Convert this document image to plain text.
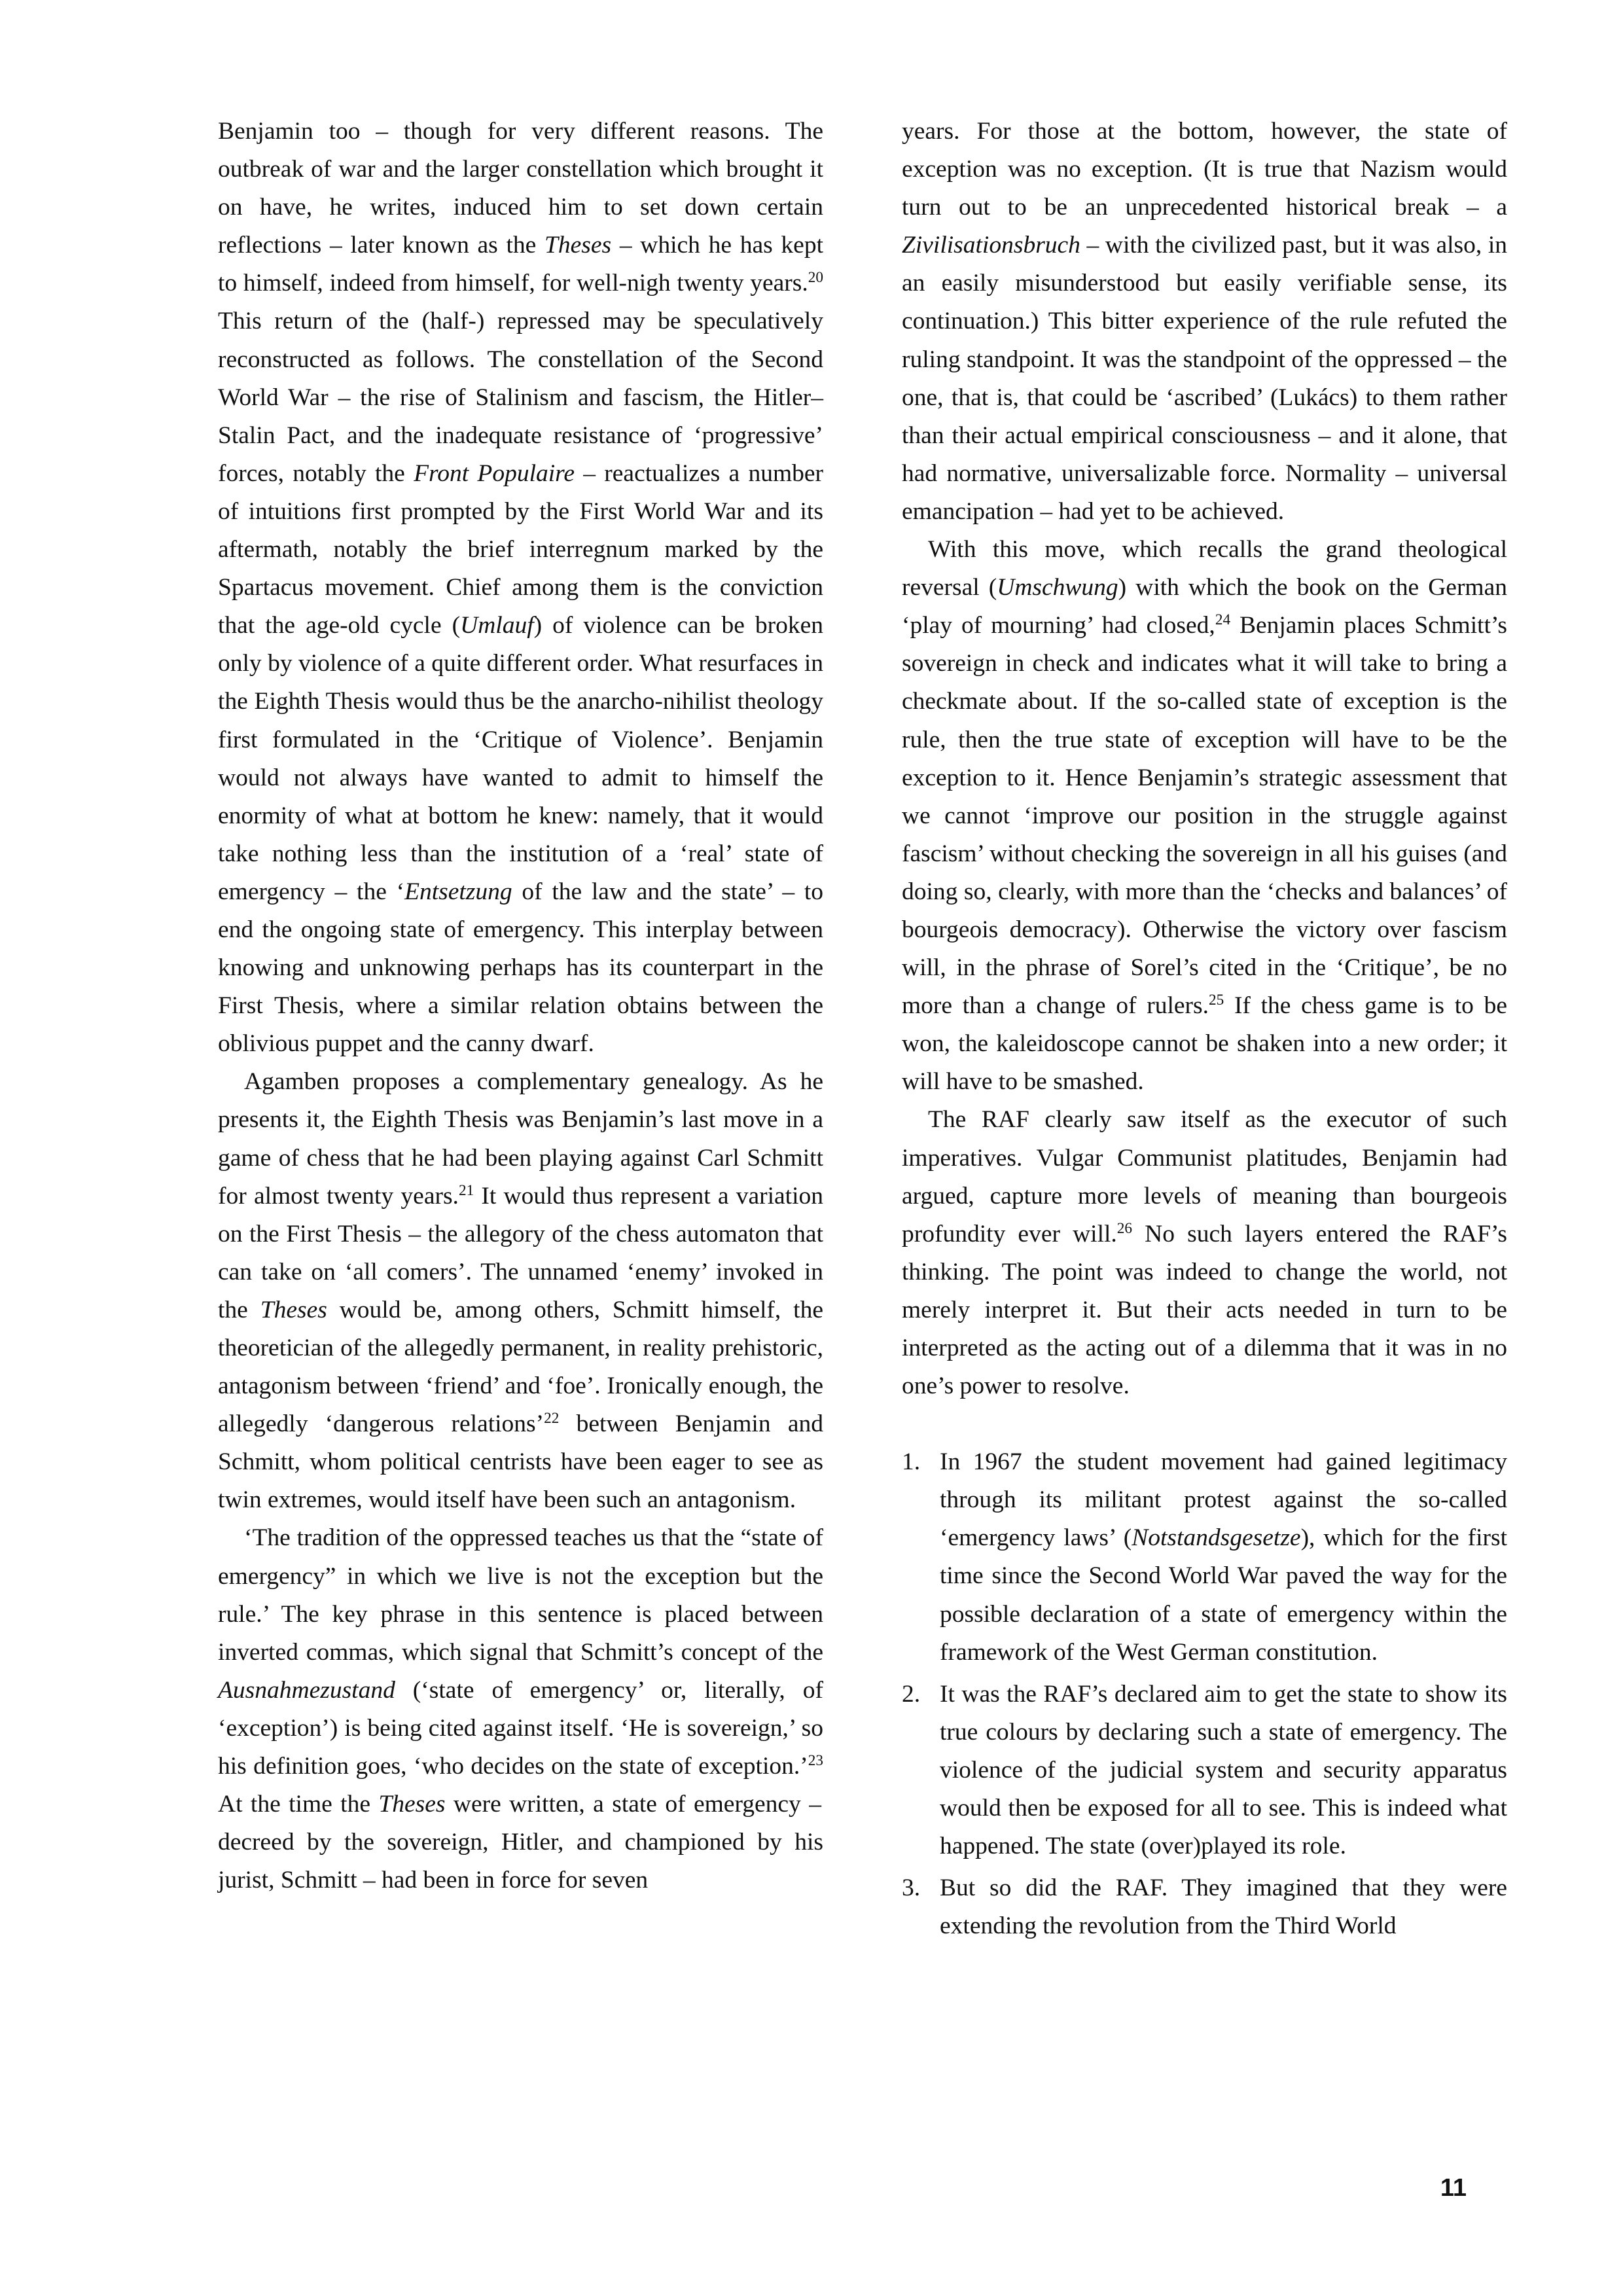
Benjamin too – though for very different reasons. The outbreak of war and the larger constellation which brought it on have, he writes, induced him to set down certain reflections – later known as the Theses – which he has kept to himself, indeed from himself, for well-nigh twenty years.$^{20}$ This return of the (half-) repressed may be speculatively reconstructed as follows. The constellation of the Second World War – the rise of Stalinism and fascism, the Hitler–Stalin Pact, and the inadequate resistance of ‘progressive’ forces, notably the Front Populaire – reactualizes a number of intuitions first prompted by the First World War and its aftermath, notably the brief interregnum marked by the Spartacus movement. Chief among them is the conviction that the age-old cycle (Umlauf) of violence can be broken only by violence of a quite different order. What resurfaces in the Eighth Thesis would thus be the anarcho-nihilist theology first formulated in the ‘Critique of Violence’. Benjamin would not always have wanted to admit to himself the enormity of what at bottom he knew: namely, that it would take nothing less than the institution of a ‘real’ state of emergency – the ‘Entsetzung of the law and the state’ – to end the ongoing state of emergency. This interplay between knowing and unknowing perhaps has its counterpart in the First Thesis, where a similar relation obtains between the oblivious puppet and the canny dwarf.

Agamben proposes a complementary genealogy. As he presents it, the Eighth Thesis was Benjamin’s last move in a game of chess that he had been playing against Carl Schmitt for almost twenty years.$^{21}$ It would thus represent a variation on the First Thesis – the allegory of the chess automaton that can take on ‘all comers’. The unnamed ‘enemy’ invoked in the Theses would be, among others, Schmitt himself, the theoretician of the allegedly permanent, in reality prehistoric, antagonism between ‘friend’ and ‘foe’. Ironically enough, the allegedly ‘dangerous relations’$^{22}$ between Benjamin and Schmitt, whom political centrists have been eager to see as twin extremes, would itself have been such an antagonism.

‘The tradition of the oppressed teaches us that the “state of emergency” in which we live is not the exception but the rule.’ The key phrase in this sentence is placed between inverted commas, which signal that Schmitt’s concept of the Ausnahmezustand (‘state of emergency’ or, literally, of ‘exception’) is being cited against itself. ‘He is sovereign,’ so his definition goes, ‘who decides on the state of exception.’$^{23}$ At the time the Theses were written, a state of emergency – decreed by the sovereign, Hitler, and championed by his jurist, Schmitt – had been in force for seven

years. For those at the bottom, however, the state of exception was no exception. (It is true that Nazism would turn out to be an unprecedented historical break – a Zivilisationsbruch – with the civilized past, but it was also, in an easily misunderstood but easily verifiable sense, its continuation.) This bitter experience of the rule refuted the ruling standpoint. It was the standpoint of the oppressed – the one, that is, that could be ‘ascribed’ (Lukács) to them rather than their actual empirical consciousness – and it alone, that had normative, universalizable force. Normality – universal emancipation – had yet to be achieved.

With this move, which recalls the grand theological reversal (Umschwung) with which the book on the German ‘play of mourning’ had closed,$^{24}$ Benjamin places Schmitt’s sovereign in check and indicates what it will take to bring a checkmate about. If the so-called state of exception is the rule, then the true state of exception will have to be the exception to it. Hence Benjamin’s strategic assessment that we cannot ‘improve our position in the struggle against fascism’ without checking the sovereign in all his guises (and doing so, clearly, with more than the ‘checks and balances’ of bourgeois democracy). Otherwise the victory over fascism will, in the phrase of Sorel’s cited in the ‘Critique’, be no more than a change of rulers.$^{25}$ If the chess game is to be won, the kaleidoscope cannot be shaken into a new order; it will have to be smashed.

The RAF clearly saw itself as the executor of such imperatives. Vulgar Communist platitudes, Benjamin had argued, capture more levels of meaning than bourgeois profundity ever will.$^{26}$ No such layers entered the RAF’s thinking. The point was indeed to change the world, not merely interpret it. But their acts needed in turn to be interpreted as the acting out of a dilemma that it was in no one’s power to resolve.

1. In 1967 the student movement had gained legitimacy through its militant protest against the so-called ‘emergency laws’ (Notstandsgesetze), which for the first time since the Second World War paved the way for the possible declaration of a state of emergency within the framework of the West German constitution.
2. It was the RAF’s declared aim to get the state to show its true colours by declaring such a state of emergency. The violence of the judicial system and security apparatus would then be exposed for all to see. This is indeed what happened. The state (over)played its role.
3. But so did the RAF. They imagined that they were extending the revolution from the Third World
11
